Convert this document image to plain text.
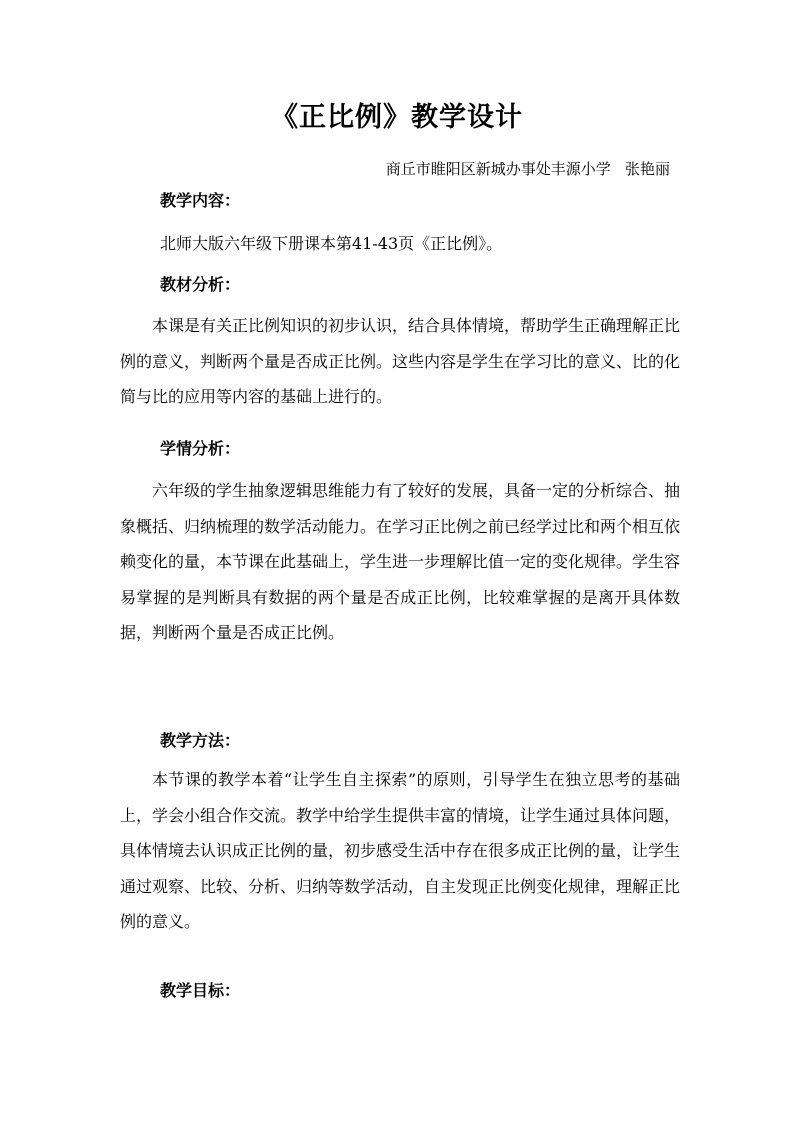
《正比例》教学设计
商丘市睢阳区新城办事处丰源小学   张艳丽
教学内容：
北师大版六年级下册课本第41-43页《正比例》。
教材分析：
本课是有关正比例知识的初步认识，结合具体情境，帮助学生正确理解正比例的意义，判断两个量是否成正比例。这些内容是学生在学习比的意义、比的化简与比的应用等内容的基础上进行的。
学情分析：
六年级的学生抽象逻辑思维能力有了较好的发展，具备一定的分析综合、抽象概括、归纳梳理的数学活动能力。在学习正比例之前已经学过比和两个相互依赖变化的量，本节课在此基础上，学生进一步理解比值一定的变化规律。学生容易掌握的是判断具有数据的两个量是否成正比例，比较难掌握的是离开具体数据，判断两个量是否成正比例。
教学方法：
本节课的教学本着“让学生自主探索”的原则，引导学生在独立思考的基础上，学会小组合作交流。教学中给学生提供丰富的情境，让学生通过具体问题，具体情境去认识成正比例的量，初步感受生活中存在很多成正比例的量，让学生通过观察、比较、分析、归纳等数学活动，自主发现正比例变化规律，理解正比例的意义。
教学目标：
